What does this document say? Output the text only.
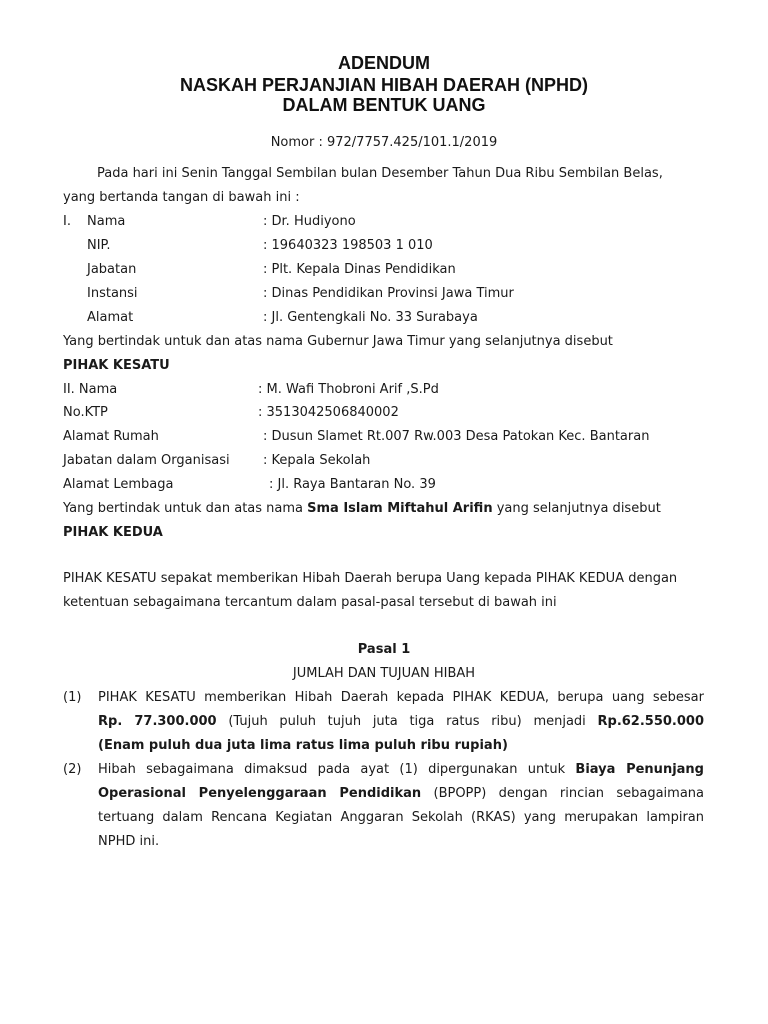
ADENDUM
NASKAH PERJANJIAN HIBAH DAERAH (NPHD)
DALAM BENTUK UANG
Nomor : 972/7757.425/101.1/2019
Pada hari ini Senin Tanggal Sembilan bulan Desember Tahun Dua Ribu Sembilan Belas,
yang bertanda tangan di bawah ini :
I. Nama	: Dr. Hudiyono
NIP.	: 19640323 198503 1 010
Jabatan	: Plt. Kepala Dinas Pendidikan
Instansi	: Dinas Pendidikan Provinsi Jawa Timur
Alamat	: Jl. Gentengkali No. 33 Surabaya
Yang bertindak untuk dan atas nama Gubernur Jawa Timur yang selanjutnya disebut
PIHAK KESATU
II. Nama	: M. Wafi Thobroni Arif ,S.Pd
No.KTP	: 3513042506840002
Alamat Rumah	: Dusun Slamet Rt.007 Rw.003 Desa Patokan Kec. Bantaran
Jabatan dalam Organisasi	: Kepala Sekolah
Alamat Lembaga	: Jl. Raya Bantaran No. 39
Yang bertindak untuk dan atas nama Sma Islam Miftahul Arifin yang selanjutnya disebut
PIHAK KEDUA
PIHAK KESATU sepakat memberikan Hibah Daerah berupa Uang kepada PIHAK KEDUA dengan
ketentuan sebagaimana tercantum dalam pasal-pasal tersebut di bawah ini
Pasal 1
JUMLAH DAN TUJUAN HIBAH
(1) PIHAK KESATU memberikan Hibah Daerah kepada PIHAK KEDUA, berupa uang sebesar
Rp. 77.300.000 (Tujuh puluh tujuh juta tiga ratus ribu) menjadi Rp.62.550.000
(Enam puluh dua juta lima ratus lima puluh ribu rupiah)
(2) Hibah sebagaimana dimaksud pada ayat (1) dipergunakan untuk Biaya Penunjang
Operasional Penyelenggaraan Pendidikan (BPOPP) dengan rincian sebagaimana
tertuang dalam Rencana Kegiatan Anggaran Sekolah (RKAS) yang merupakan lampiran
NPHD ini.
